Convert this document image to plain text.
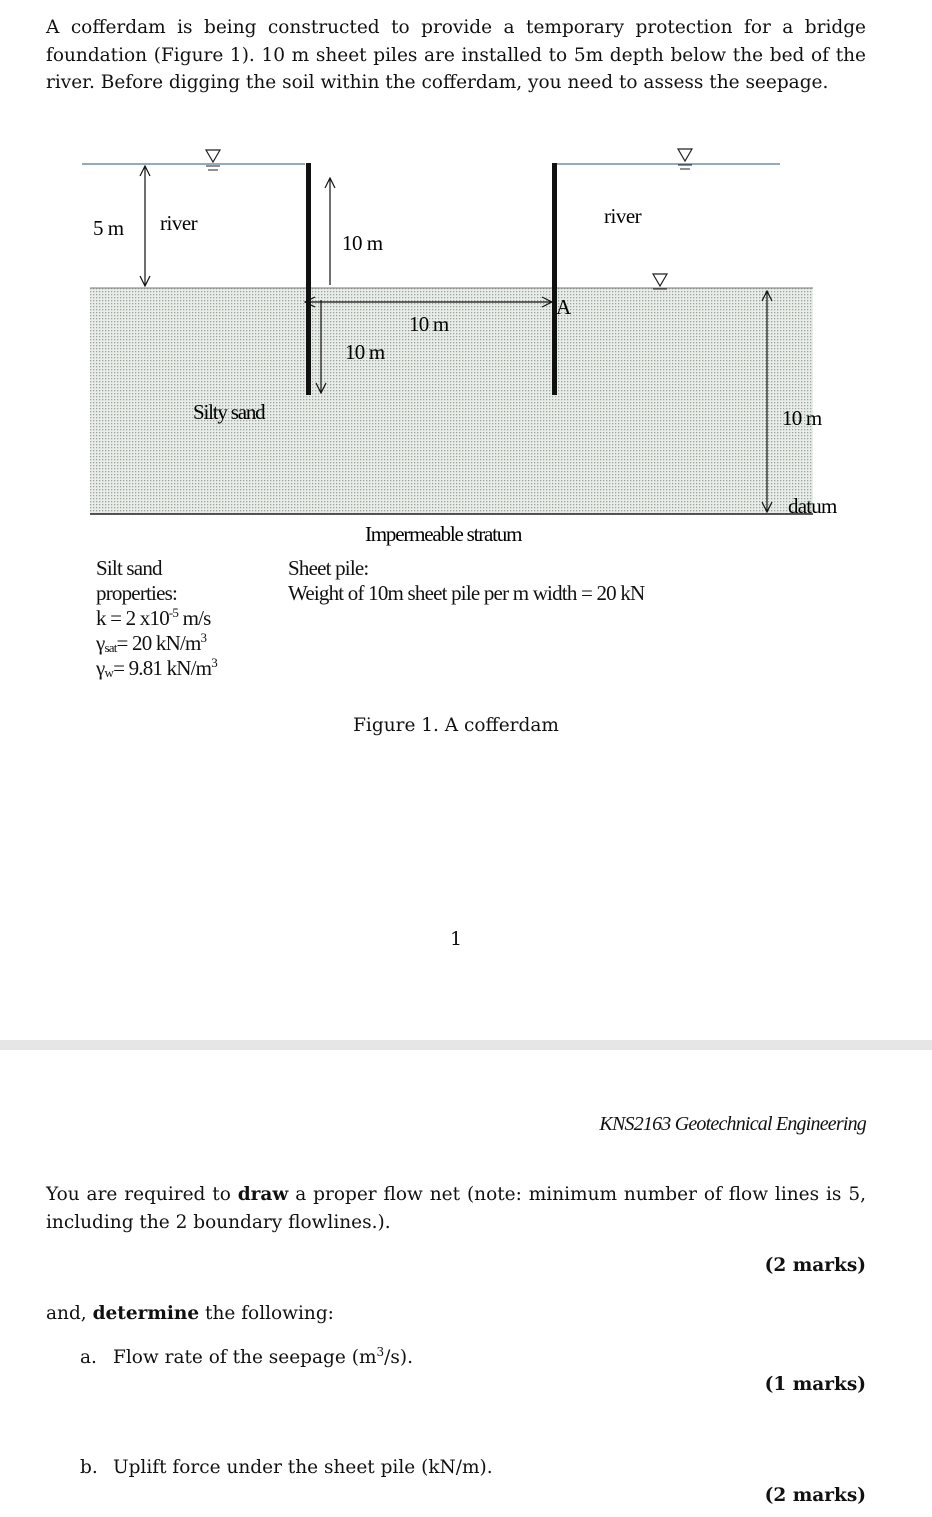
A cofferdam is being constructed to provide a temporary protection for a bridge foundation (Figure 1). 10 m sheet piles are installed to 5m depth below the bed of the river. Before digging the soil within the cofferdam, you need to assess the seepage.
5 m river	river
10 m
10 m
10 m
A
Silty sand	10 m
datum
Impermeable stratum
Silt sand
properties:
k = 2 $x10^{-5}$ m/s
$\gamma_{sat}= 20$ $kN/m^3$
$\gamma_w= 9.81$ $kN/m^3$
Sheet pile:
Weight of 10m sheet pile per m width = 20 kN
Figure 1. A cofferdam
1
KNS2163 Geotechnical Engineering
You are required to draw a proper flow net (note: minimum number of flow lines is 5, including the 2 boundary flowlines.).
(2 marks)
and, determine the following:
a. Flow rate of the seepage $(m^3/s)$.
(1 marks)
b. Uplift force under the sheet pile (kN/m).
(2 marks)
